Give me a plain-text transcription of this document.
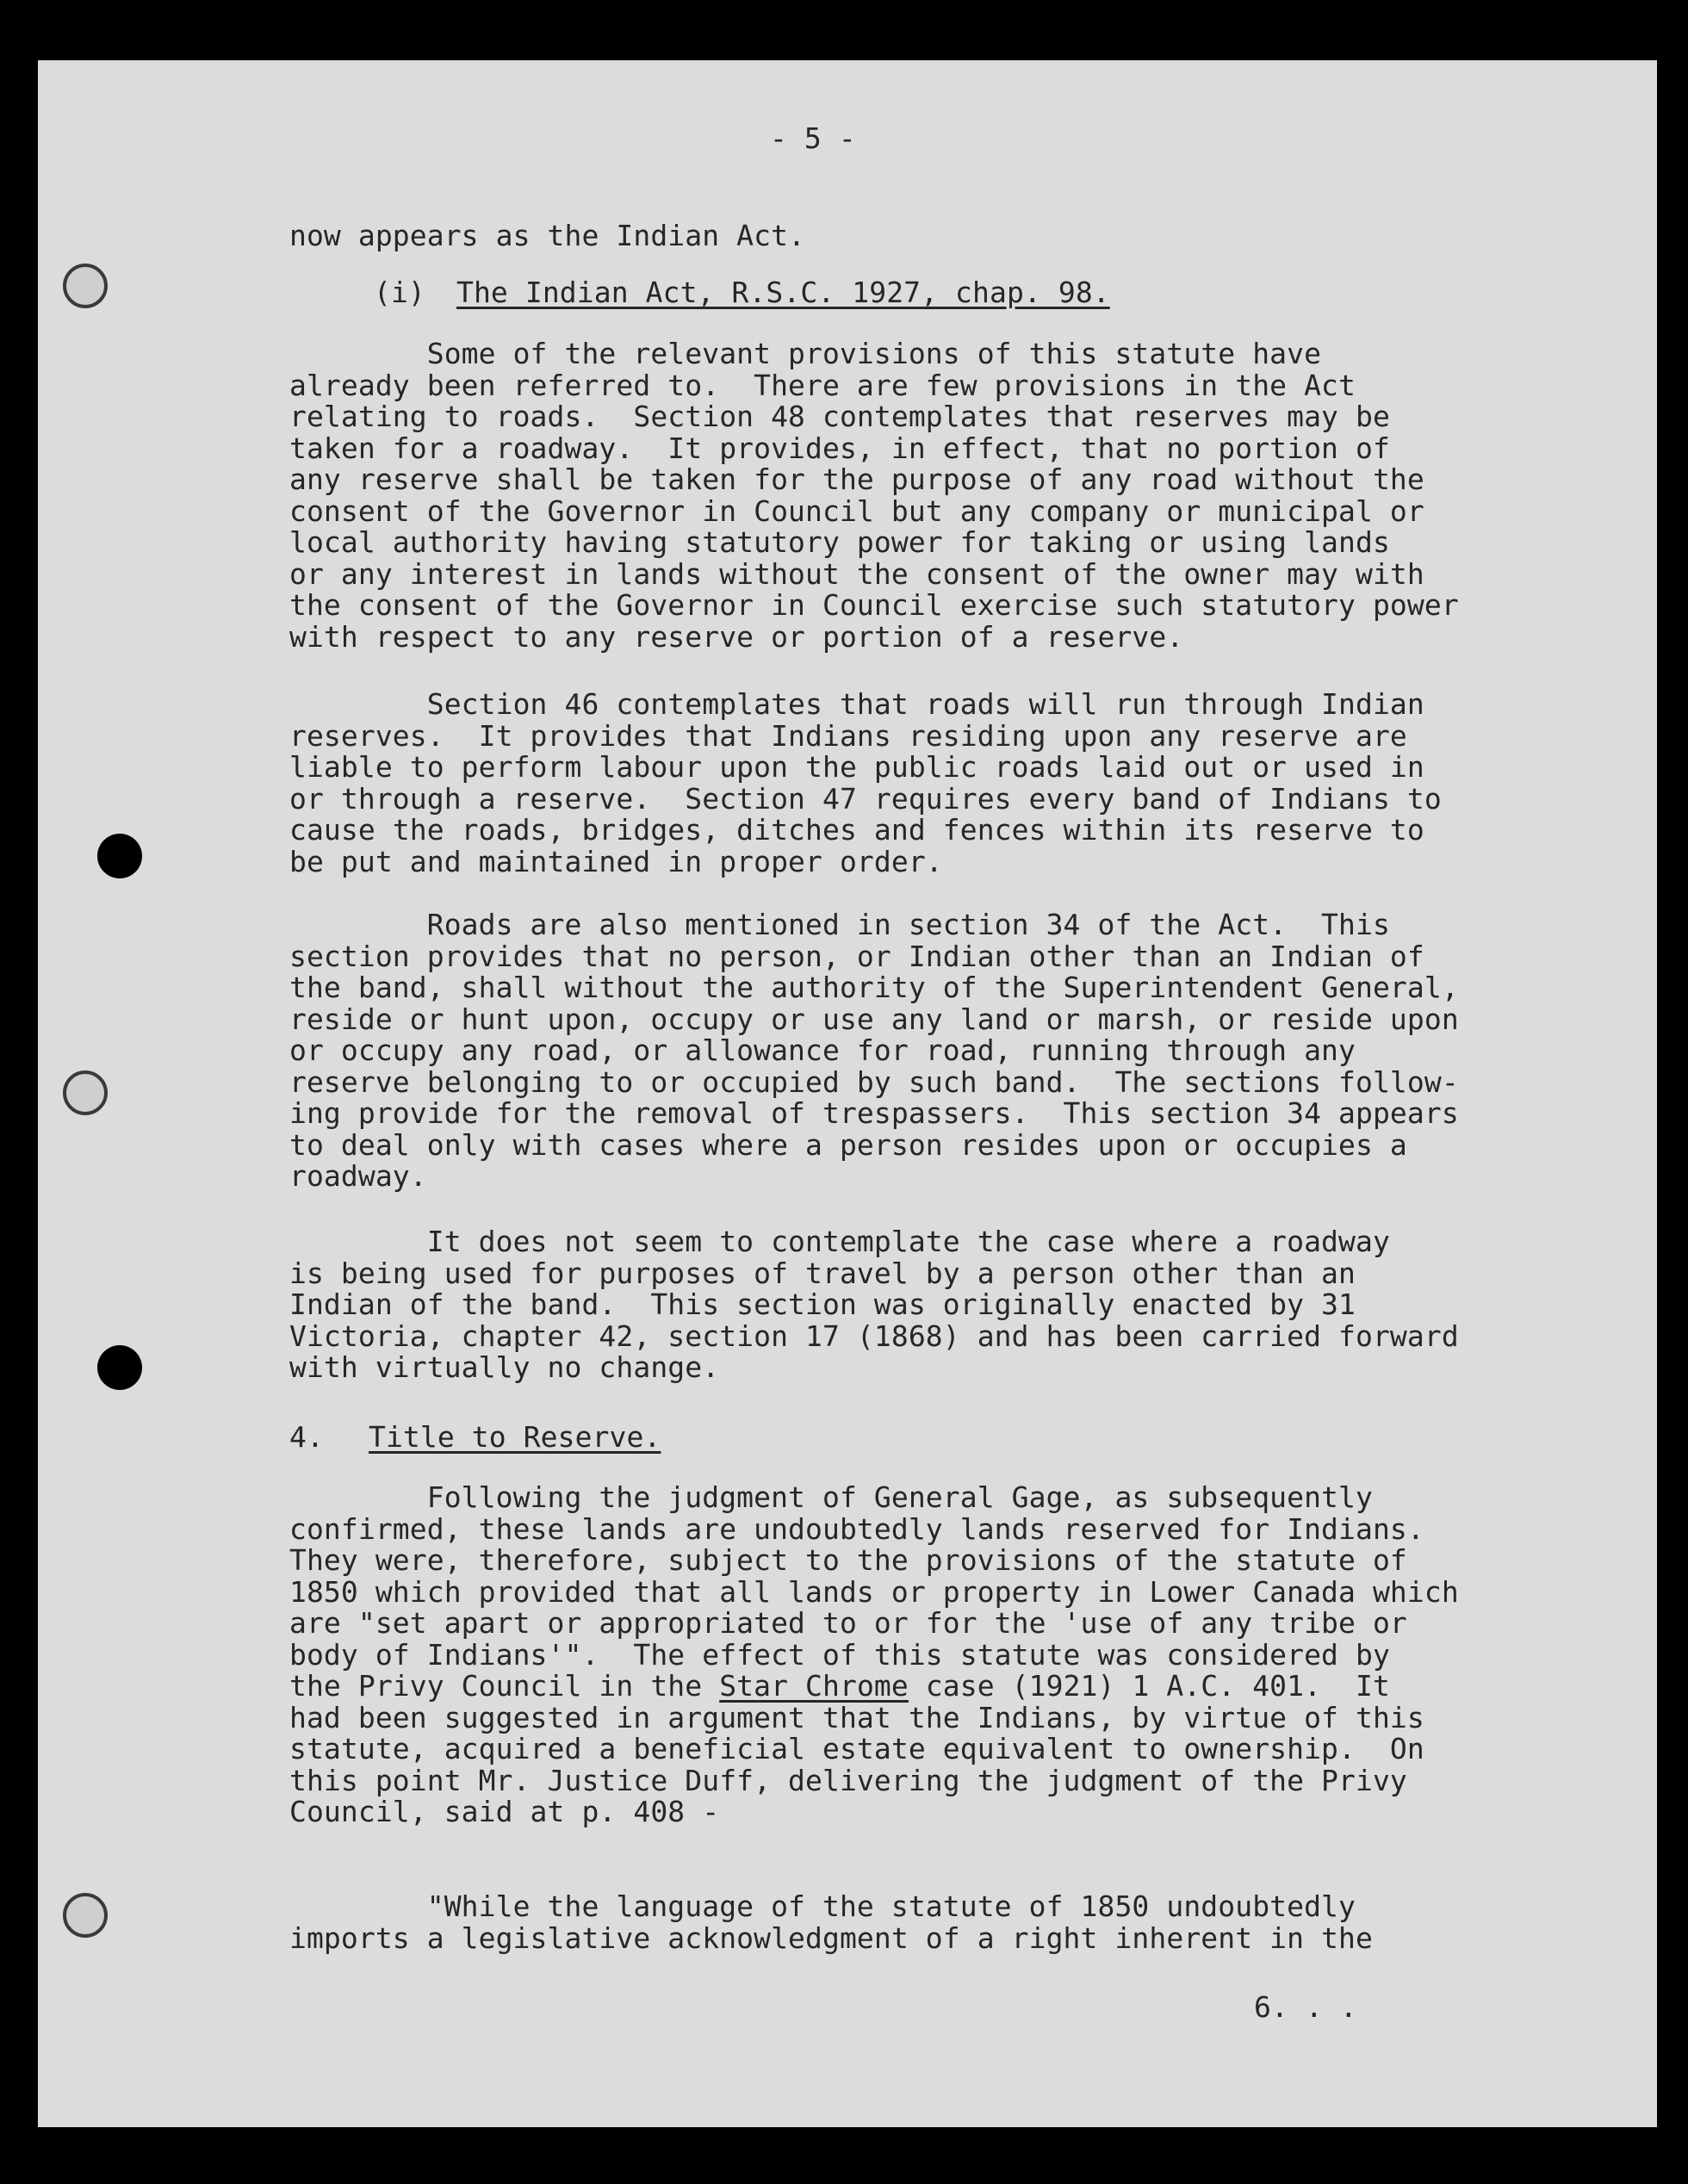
- 5 -
now appears as the Indian Act.
(i) The Indian Act, R.S.C. 1927, chap. 98.
Some of the relevant provisions of this statute have
already been referred to.  There are few provisions in the Act
relating to roads.  Section 48 contemplates that reserves may be
taken for a roadway.  It provides, in effect, that no portion of
any reserve shall be taken for the purpose of any road without the
consent of the Governor in Council but any company or municipal or
local authority having statutory power for taking or using lands
or any interest in lands without the consent of the owner may with
the consent of the Governor in Council exercise such statutory power
with respect to any reserve or portion of a reserve.
Section 46 contemplates that roads will run through Indian
reserves.  It provides that Indians residing upon any reserve are
liable to perform labour upon the public roads laid out or used in
or through a reserve.  Section 47 requires every band of Indians to
cause the roads, bridges, ditches and fences within its reserve to
be put and maintained in proper order.
Roads are also mentioned in section 34 of the Act.  This
section provides that no person, or Indian other than an Indian of
the band, shall without the authority of the Superintendent General,
reside or hunt upon, occupy or use any land or marsh, or reside upon
or occupy any road, or allowance for road, running through any
reserve belonging to or occupied by such band.  The sections follow-
ing provide for the removal of trespassers.  This section 34 appears
to deal only with cases where a person resides upon or occupies a
roadway.
It does not seem to contemplate the case where a roadway
is being used for purposes of travel by a person other than an
Indian of the band.  This section was originally enacted by 31
Victoria, chapter 42, section 17 (1868) and has been carried forward
with virtually no change.
4. Title to Reserve.
Following the judgment of General Gage, as subsequently
confirmed, these lands are undoubtedly lands reserved for Indians.
They were, therefore, subject to the provisions of the statute of
1850 which provided that all lands or property in Lower Canada which
are "set apart or appropriated to or for the 'use of any tribe or
body of Indians'".  The effect of this statute was considered by
the Privy Council in the Star Chrome case (1921) 1 A.C. 401.  It
had been suggested in argument that the Indians, by virtue of this
statute, acquired a beneficial estate equivalent to ownership.  On
this point Mr. Justice Duff, delivering the judgment of the Privy
Council, said at p. 408 -
"While the language of the statute of 1850 undoubtedly
imports a legislative acknowledgment of a right inherent in the
6. . .
